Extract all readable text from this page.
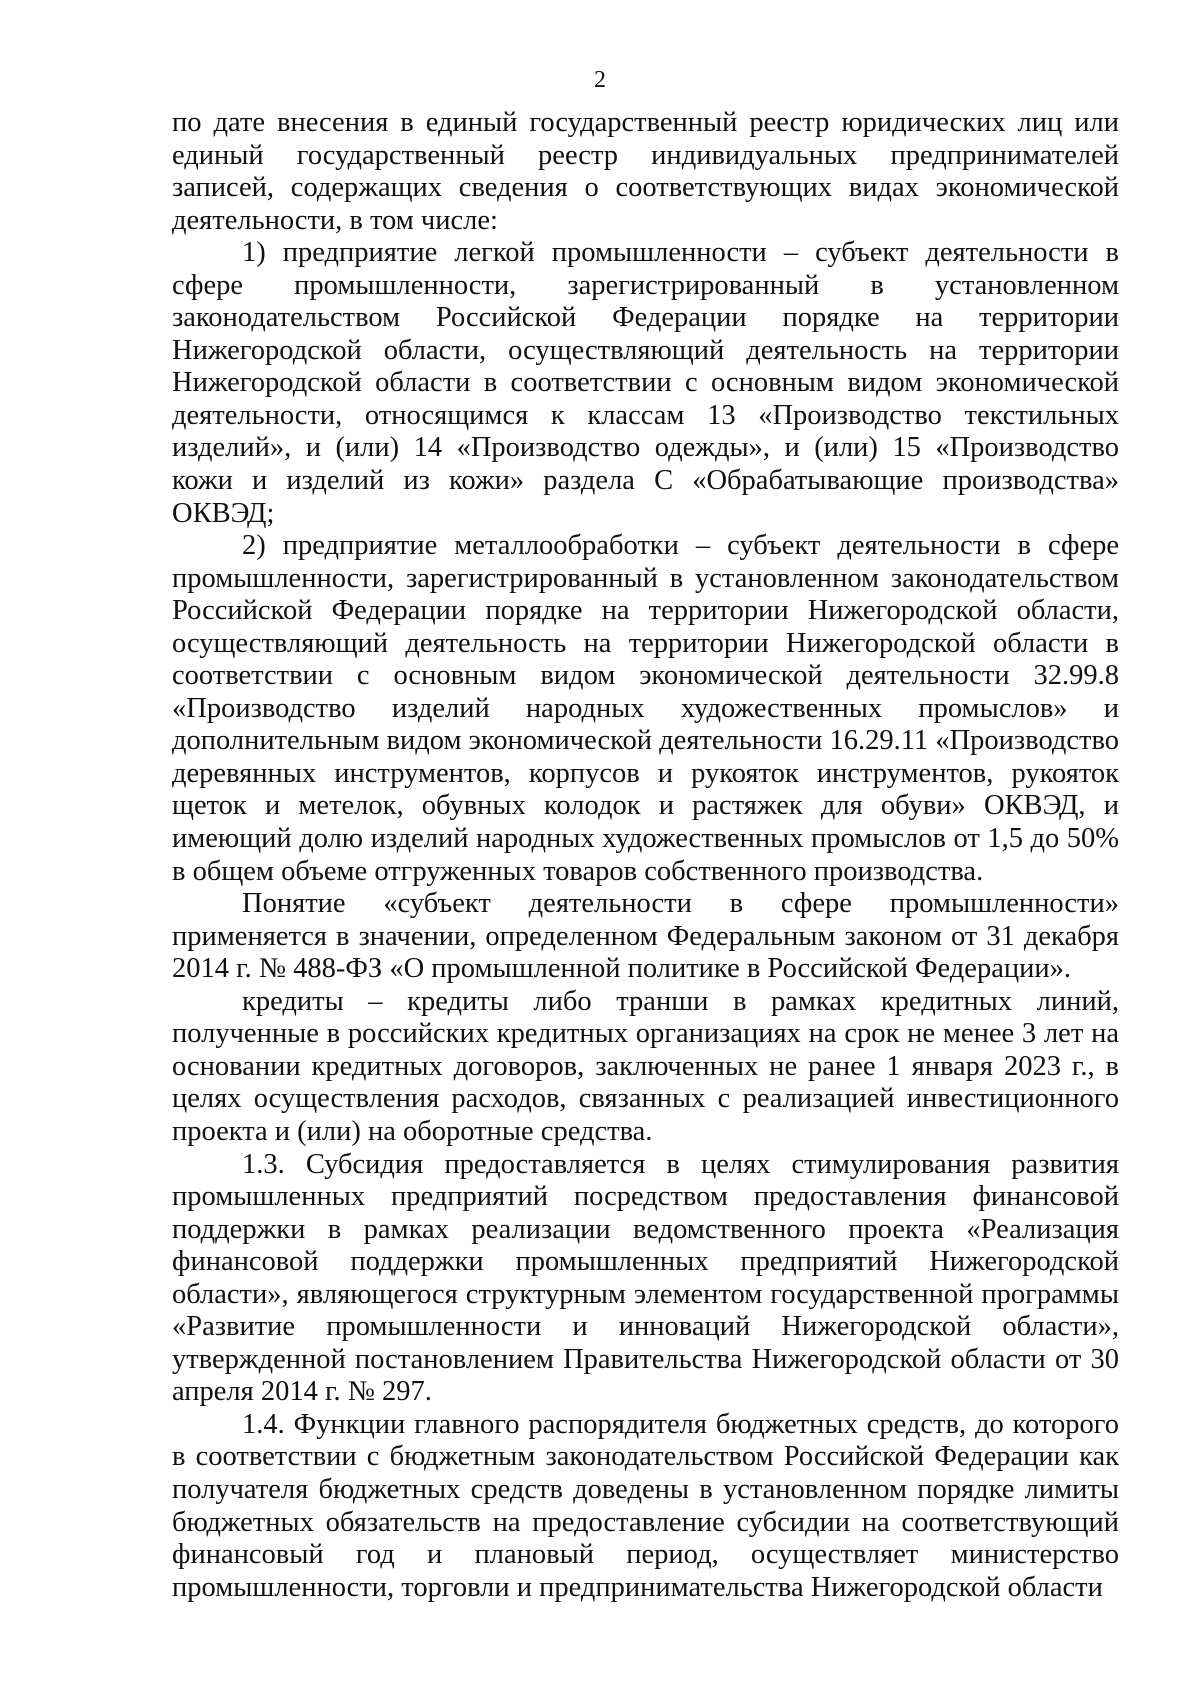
2

по дате внесения в единый государственный реестр юридических лиц или единый государственный реестр индивидуальных предпринимателей записей, содержащих сведения о соответствующих видах экономической деятельности, в том числе:

1) предприятие легкой промышленности – субъект деятельности в сфере промышленности, зарегистрированный в установленном законодательством Российской Федерации порядке на территории Нижегородской области, осуществляющий деятельность на территории Нижегородской области в соответствии с основным видом экономической деятельности, относящимся к классам 13 «Производство текстильных изделий», и (или) 14 «Производство одежды», и (или) 15 «Производство кожи и изделий из кожи» раздела С «Обрабатывающие производства» ОКВЭД;

2) предприятие металлообработки – субъект деятельности в сфере промышленности, зарегистрированный в установленном законодательством Российской Федерации порядке на территории Нижегородской области, осуществляющий деятельность на территории Нижегородской области в соответствии с основным видом экономической деятельности 32.99.8 «Производство изделий народных художественных промыслов» и дополнительным видом экономической деятельности 16.29.11 «Производство деревянных инструментов, корпусов и рукояток инструментов, рукояток щеток и метелок, обувных колодок и растяжек для обуви» ОКВЭД, и имеющий долю изделий народных художественных промыслов от 1,5 до 50% в общем объеме отгруженных товаров собственного производства.

Понятие «субъект деятельности в сфере промышленности» применяется в значении, определенном Федеральным законом от 31 декабря 2014 г. № 488-ФЗ «О промышленной политике в Российской Федерации».

кредиты – кредиты либо транши в рамках кредитных линий, полученные в российских кредитных организациях на срок не менее 3 лет на основании кредитных договоров, заключенных не ранее 1 января 2023 г., в целях осуществления расходов, связанных с реализацией инвестиционного проекта и (или) на оборотные средства.

1.3. Субсидия предоставляется в целях стимулирования развития промышленных предприятий посредством предоставления финансовой поддержки в рамках реализации ведомственного проекта «Реализация финансовой поддержки промышленных предприятий Нижегородской области», являющегося структурным элементом государственной программы «Развитие промышленности и инноваций Нижегородской области», утвержденной постановлением Правительства Нижегородской области от 30 апреля 2014 г. № 297.

1.4. Функции главного распорядителя бюджетных средств, до которого в соответствии с бюджетным законодательством Российской Федерации как получателя бюджетных средств доведены в установленном порядке лимиты бюджетных обязательств на предоставление субсидии на соответствующий финансовый год и плановый период, осуществляет министерство промышленности, торговли и предпринимательства Нижегородской области
